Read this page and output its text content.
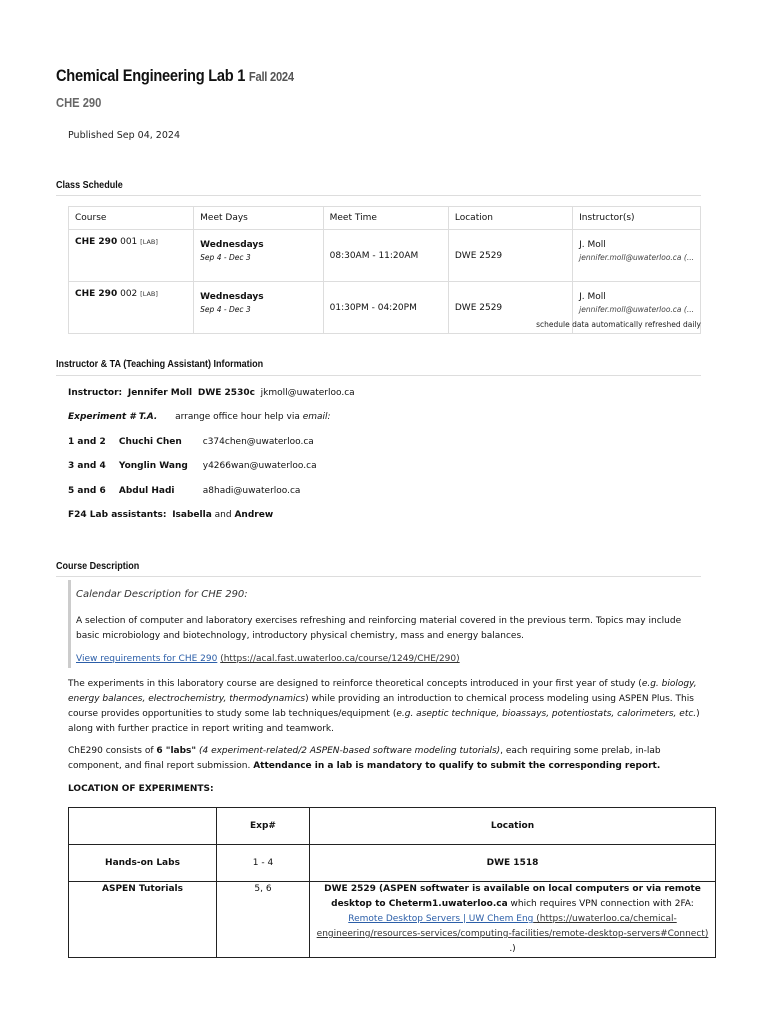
Chemical Engineering Lab 1 Fall 2024
CHE 290
Published Sep 04, 2024
Class Schedule
Course	Meet Days	Meet Time	Location	Instructor(s)
CHE 290 001 [LAB]	Wednesdays
Sep 4 - Dec 3	08:30AM - 11:20AM	DWE 2529	J. Moll
jennifer.moll@uwaterloo.ca (...

CHE 290 002 [LAB]	Wednesdays
Sep 4 - Dec 3	01:30PM - 04:20PM	DWE 2529	J. Moll
jennifer.moll@uwaterloo.ca (...
schedule data automatically refreshed daily
Instructor & TA (Teaching Assistant) Information
Instructor: Jennifer Moll DWE 2530c jkmoll@uwaterloo.ca
Experiment # T.A. arrange office hour help via email:
1 and 2 Chuchi Chen c374chen@uwaterloo.ca
3 and 4 Yonglin Wang y4266wan@uwaterloo.ca
5 and 6 Abdul Hadi	a8hadi@uwaterloo.ca
F24 Lab assistants: Isabella and Andrew
Course Description
Calendar Description for CHE 290:
A selection of computer and laboratory exercises refreshing and reinforcing material covered in the previous term. Topics may include basic microbiology and biotechnology, introductory physical chemistry, mass and energy balances.
View requirements for CHE 290 (https://acal.fast.uwaterloo.ca/course/1249/CHE/290)
The experiments in this laboratory course are designed to reinforce theoretical concepts introduced in your first year of study (e.g. biology, energy balances, electrochemistry, thermodynamics) while providing an introduction to chemical process modeling using ASPEN Plus. This course provides opportunities to study some lab techniques/equipment (e.g. aseptic technique, bioassays, potentiostats, calorimeters, etc.) along with further practice in report writing and teamwork.
ChE290 consists of 6 "labs" (4 experiment-related/2 ASPEN-based software modeling tutorials), each requiring some prelab, in-lab component, and final report submission. Attendance in a lab is mandatory to qualify to submit the corresponding report.
LOCATION OF EXPERIMENTS:
	Exp#	Location
Hands-on Labs	1 - 4	DWE 1518
ASPEN Tutorials	5, 6	DWE 2529 (ASPEN softwater is available on local computers or via remote desktop to Cheterm1.uwaterloo.ca which requires VPN connection with 2FA: Remote Desktop Servers | UW Chem Eng (https://uwaterloo.ca/chemical-engineering/resources-services/computing-facilities/remote-desktop-servers#Connect) .)
